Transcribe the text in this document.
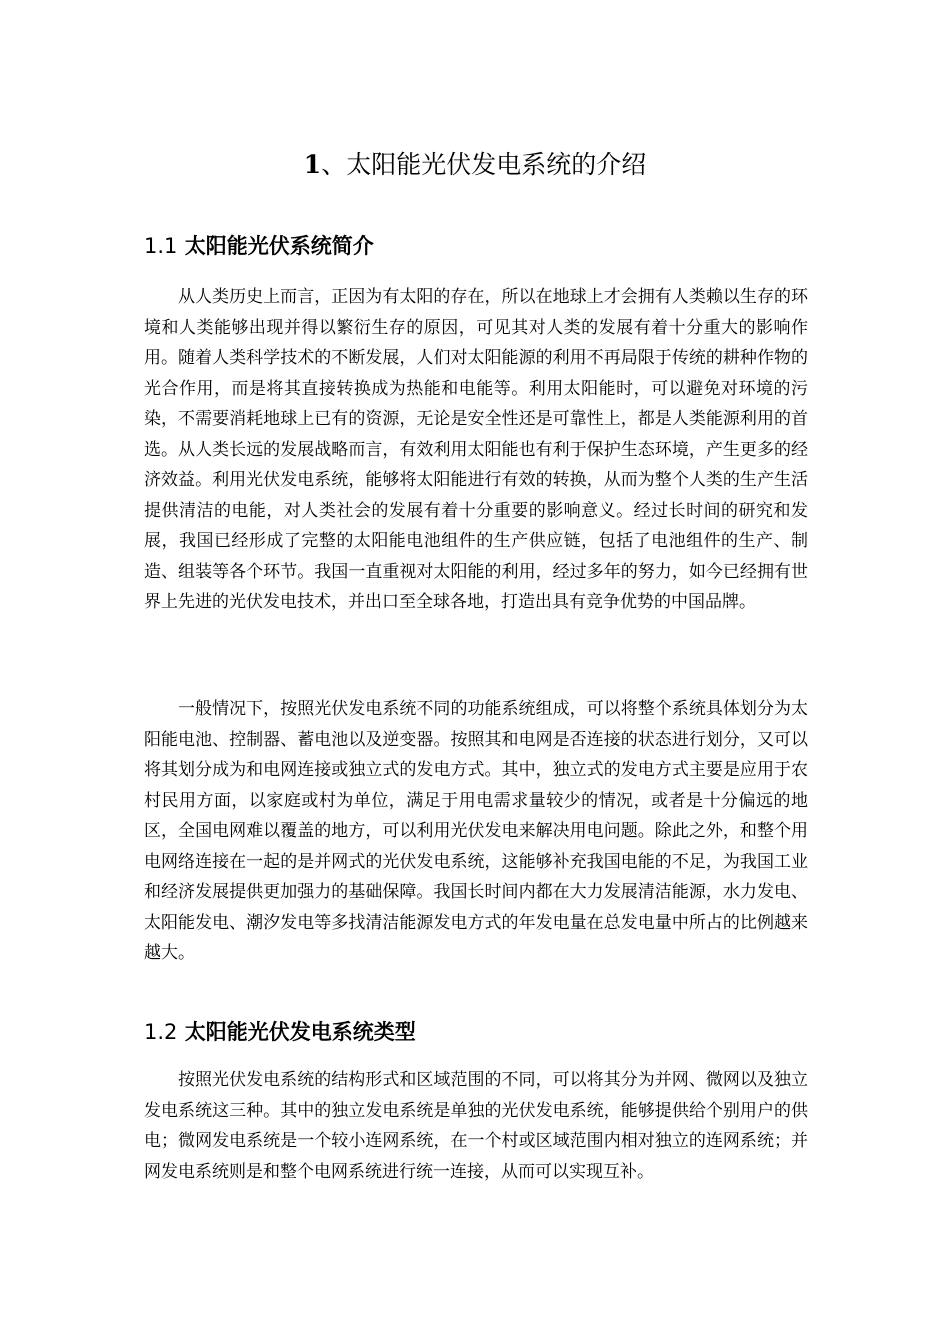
1、太阳能光伏发电系统的介绍
1.1 太阳能光伏系统简介

从人类历史上而言，正因为有太阳的存在，所以在地球上才会拥有人类赖以生存的环境和人类能够出现并得以繁衍生存的原因，可见其对人类的发展有着十分重大的影响作用。随着人类科学技术的不断发展，人们对太阳能源的利用不再局限于传统的耕种作物的光合作用，而是将其直接转换成为热能和电能等。利用太阳能时，可以避免对环境的污染，不需要消耗地球上已有的资源，无论是安全性还是可靠性上，都是人类能源利用的首选。从人类长远的发展战略而言，有效利用太阳能也有利于保护生态环境，产生更多的经济效益。利用光伏发电系统，能够将太阳能进行有效的转换，从而为整个人类的生产生活提供清洁的电能，对人类社会的发展有着十分重要的影响意义。经过长时间的研究和发展，我国已经形成了完整的太阳能电池组件的生产供应链，包括了电池组件的生产、制造、组装等各个环节。我国一直重视对太阳能的利用，经过多年的努力，如今已经拥有世界上先进的光伏发电技术，并出口至全球各地，打造出具有竞争优势的中国品牌。

一般情况下，按照光伏发电系统不同的功能系统组成，可以将整个系统具体划分为太阳能电池、控制器、蓄电池以及逆变器。按照其和电网是否连接的状态进行划分，又可以将其划分成为和电网连接或独立式的发电方式。其中，独立式的发电方式主要是应用于农村民用方面，以家庭或村为单位，满足于用电需求量较少的情况，或者是十分偏远的地区，全国电网难以覆盖的地方，可以利用光伏发电来解决用电问题。除此之外，和整个用电网络连接在一起的是并网式的光伏发电系统，这能够补充我国电能的不足，为我国工业和经济发展提供更加强力的基础保障。我国长时间内都在大力发展清洁能源，水力发电、太阳能发电、潮汐发电等多找清洁能源发电方式的年发电量在总发电量中所占的比例越来越大。

1.2 太阳能光伏发电系统类型

按照光伏发电系统的结构形式和区域范围的不同，可以将其分为并网、微网以及独立发电系统这三种。其中的独立发电系统是单独的光伏发电系统，能够提供给个别用户的供电；微网发电系统是一个较小连网系统，在一个村或区域范围内相对独立的连网系统；并网发电系统则是和整个电网系统进行统一连接，从而可以实现互补。
